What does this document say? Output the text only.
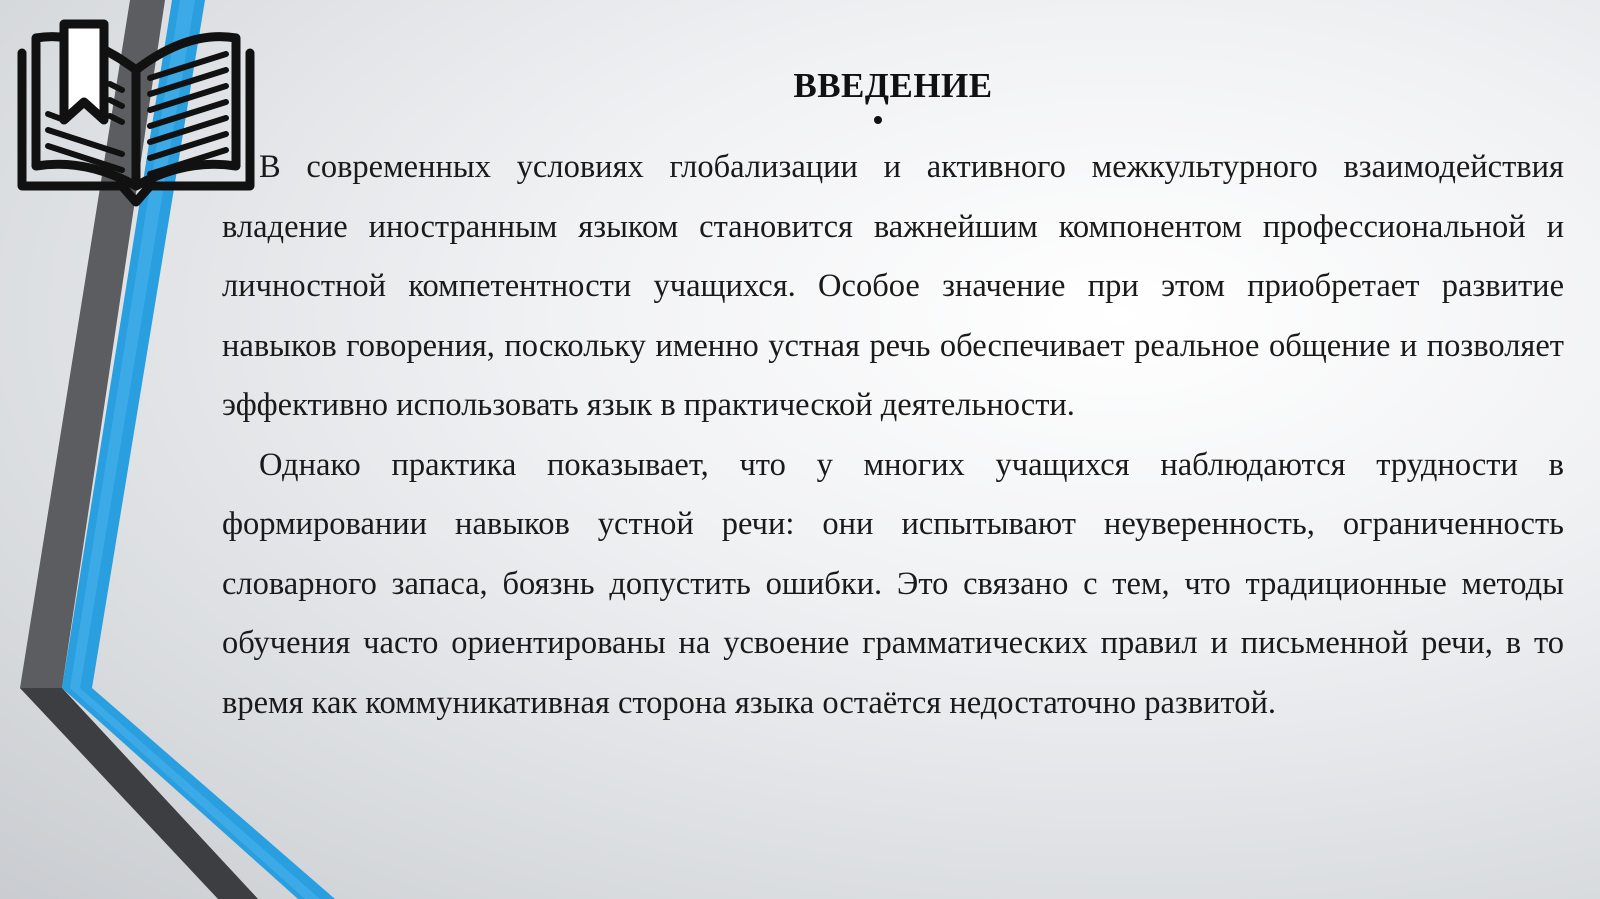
ВВЕДЕНИЕ

В современных условиях глобализации и активного межкультурного взаимодействия владение иностранным языком становится важнейшим компонентом профессиональной и личностной компетентности учащихся. Особое значение при этом приобретает развитие навыков говорения, поскольку именно устная речь обеспечивает реальное общение и позволяет эффективно использовать язык в практической деятельности.

Однако практика показывает, что у многих учащихся наблюдаются трудности в формировании навыков устной речи: они испытывают неуверенность, ограниченность словарного запаса, боязнь допустить ошибки. Это связано с тем, что традиционные методы обучения часто ориентированы на усвоение грамматических правил и письменной речи, в то время как коммуникативная сторона языка остаётся недостаточно развитой.
